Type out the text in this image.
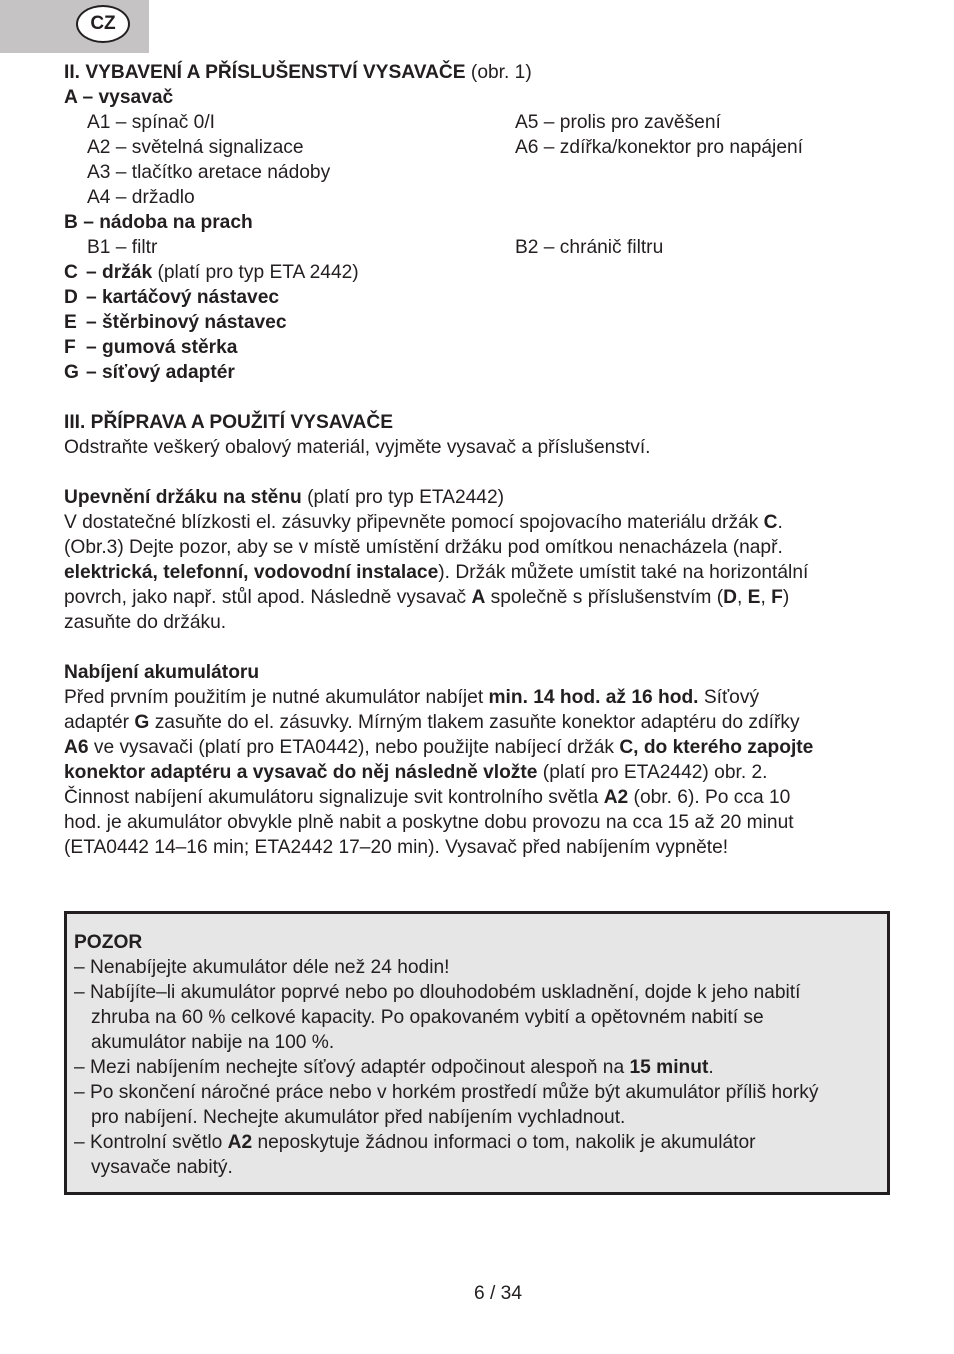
CZ
II. VYBAVENÍ A PŘÍSLUŠENSTVÍ VYSAVAČE (obr. 1)
A – vysavač
A1 – spínač 0/I	A5 – prolis pro zavěšení
A2 – světelná signalizace	A6 – zdířka/konektor pro napájení
A3 – tlačítko aretace nádoby
A4 – držadlo
B – nádoba na prach
B1 – filtr	B2 – chránič filtru
C – držák (platí pro typ ETA 2442)
D – kartáčový nástavec
E – štěrbinový nástavec
F – gumová stěrka
G – síťový adaptér
III. PŘÍPRAVA A POUŽITÍ VYSAVAČE
Odstraňte veškerý obalový materiál, vyjměte vysavač a příslušenství.
Upevnění držáku na stěnu (platí pro typ ETA2442)
V dostatečné blízkosti el. zásuvky připevněte pomocí spojovacího materiálu držák C.
(Obr.3) Dejte pozor, aby se v místě umístění držáku pod omítkou nenacházela (např.
elektrická, telefonní, vodovodní instalace). Držák můžete umístit také na horizontální
povrch, jako např. stůl apod. Následně vysavač A společně s příslušenstvím (D, E, F)
zasuňte do držáku.
Nabíjení akumulátoru
Před prvním použitím je nutné akumulátor nabíjet min. 14 hod. až 16 hod. Síťový
adaptér G zasuňte do el. zásuvky. Mírným tlakem zasuňte konektor adaptéru do zdířky
A6 ve vysavači (platí pro ETA0442), nebo použijte nabíjecí držák C, do kterého zapojte
konektor adaptéru a vysavač do něj následně vložte (platí pro ETA2442) obr. 2.
Činnost nabíjení akumulátoru signalizuje svit kontrolního světla A2 (obr. 6). Po cca 10
hod. je akumulátor obvykle plně nabit a poskytne dobu provozu na cca 15 až 20 minut
(ETA0442 14–16 min; ETA2442 17–20 min). Vysavač před nabíjením vypněte!
POZOR
– Nenabíjejte akumulátor déle než 24 hodin!
– Nabíjíte–li akumulátor poprvé nebo po dlouhodobém uskladnění, dojde k jeho nabití
zhruba na 60 % celkové kapacity. Po opakovaném vybití a opětovném nabití se
akumulátor nabije na 100 %.
– Mezi nabíjením nechejte síťový adaptér odpočinout alespoň na 15 minut.
– Po skončení náročné práce nebo v horkém prostředí může být akumulátor příliš horký
pro nabíjení. Nechejte akumulátor před nabíjením vychladnout.
– Kontrolní světlo A2 neposkytuje žádnou informaci o tom, nakolik je akumulátor
vysavače nabitý.
6 / 34
